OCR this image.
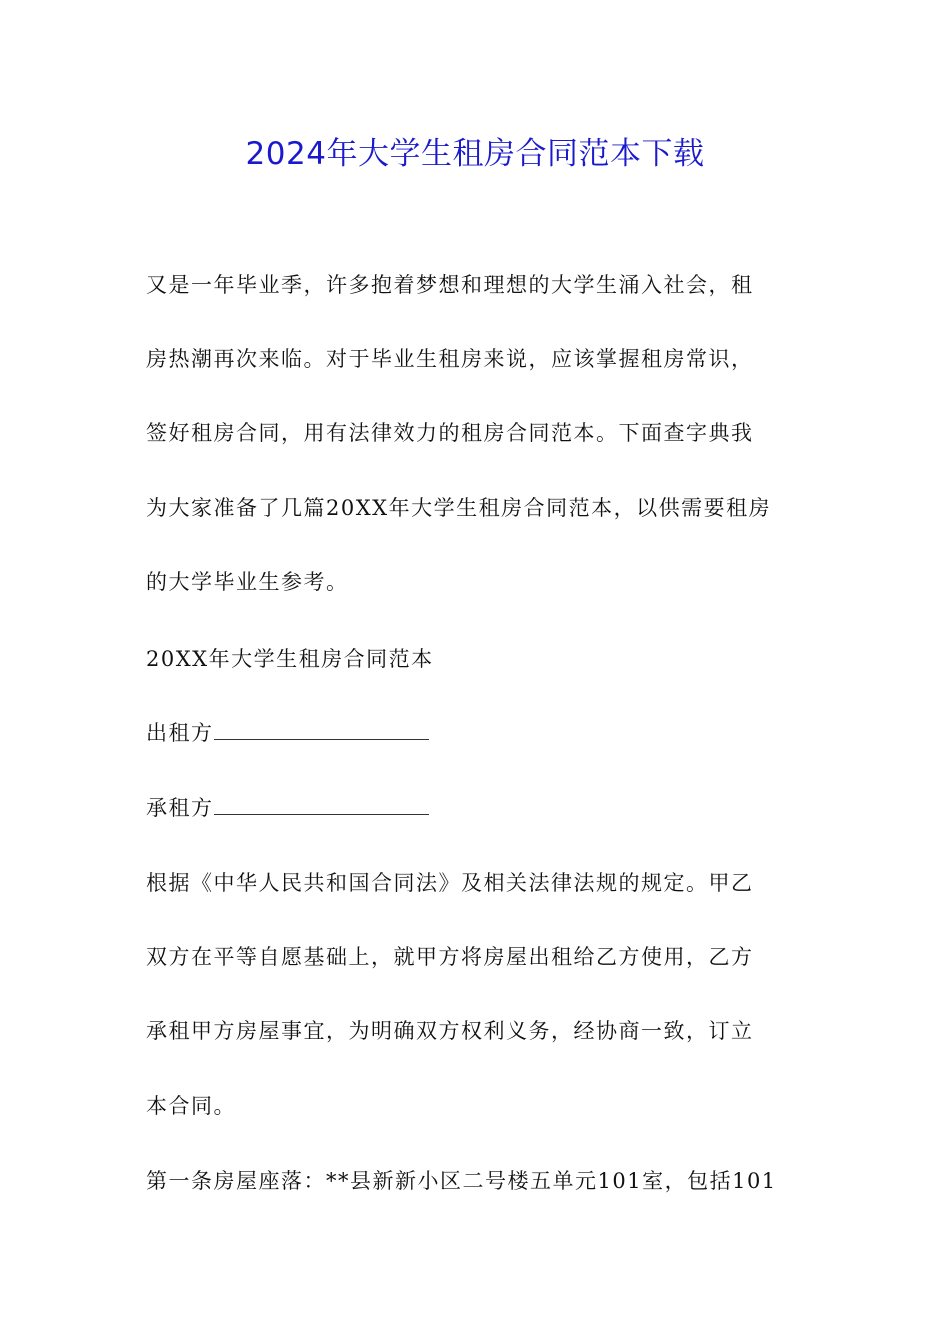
2024年大学生租房合同范本下载
又是一年毕业季，许多抱着梦想和理想的大学生涌入社会，租
房热潮再次来临。对于毕业生租房来说，应该掌握租房常识，
签好租房合同，用有法律效力的租房合同范本。下面查字典我
为大家准备了几篇20XX年大学生租房合同范本，以供需要租房
的大学毕业生参考。
20XX年大学生租房合同范本
出租方
承租方
根据《中华人民共和国合同法》及相关法律法规的规定。甲乙
双方在平等自愿基础上，就甲方将房屋出租给乙方使用，乙方
承租甲方房屋事宜，为明确双方权利义务，经协商一致，订立
本合同。
第一条房屋座落：**县新新小区二号楼五单元101室，包括101
